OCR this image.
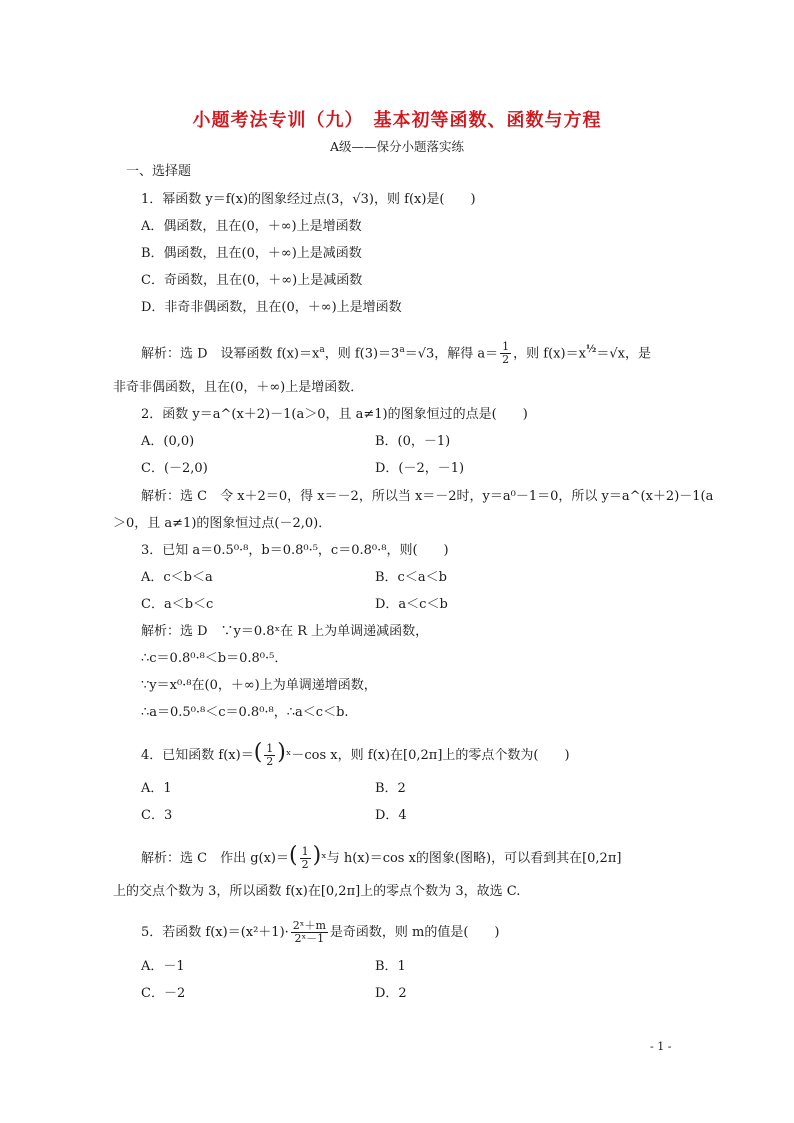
小题考法专训（九）　基本初等函数、函数与方程
A级——保分小题落实练
一、选择题
1．幂函数 y＝f(x)的图象经过点(3，√3)，则 f(x)是(　　)
A．偶函数，且在(0，＋∞)上是增函数
B．偶函数，且在(0，＋∞)上是减函数
C．奇函数，且在(0，＋∞)上是减函数
D．非奇非偶函数，且在(0，＋∞)上是增函数
解析：选 D　设幂函数 $f(x)=x^a$，则 $f(3)=3^a=√3$，解得 $a= \frac{1}{2}$ ，则 $f(x)=x^{\frac{1}{2}}=√x$，是
非奇非偶函数，且在(0，＋∞)上是增函数．
2．函数 y＝a^(x＋2)－1(a＞0，且 a≠1)的图象恒过的点是(　　)
A．(0,0)	B．(0，－1)
C．(－2,0)	D．(－2，－1)
解析：选 C　令 x＋2＝0，得 x＝－2，所以当 x＝－2时，y＝a⁰－1＝0，所以 y＝a^(x＋2)－1(a
＞0，且 a≠1)的图象恒过点(－2,0)．
3．已知 a＝0.5⁰·⁸，b＝0.8⁰·⁵，c＝0.8⁰·⁸，则(　　)
A．c＜b＜a	B．c＜a＜b
C．a＜b＜c	D．a＜c＜b
解析：选 D　∵y＝0.8ˣ在 R 上为单调递减函数，
∴c＝0.8⁰·⁸＜b＝0.8⁰·⁵．
∵y＝x⁰·⁸在(0，＋∞)上为单调递增函数，
∴a＝0.5⁰·⁸＜c＝0.8⁰·⁸，∴a＜c＜b.
4．已知函数 $f(x)=( \frac{1}{2}$ )ˣ－cos x，则 f(x)在[0,2π]上的零点个数为(　　)
A．1	B．2
C．3	D．4
解析：选 C　作出 $g(x)=( \frac{1}{2}$ )ˣ与 h(x)＝cos x的图象(图略)，可以看到其在[0,2π]
上的交点个数为 3，所以函数 f(x)在[0,2π]上的零点个数为 3，故选 C.
5．若函数 $f(x)=(x^2+1)\cdot \frac{\text{2ˣ＋m}}{\text{2ˣ－1}}$ 是奇函数，则 m的值是(　　)
A．－1	B．1
C．－2	D．2
- 1 -
